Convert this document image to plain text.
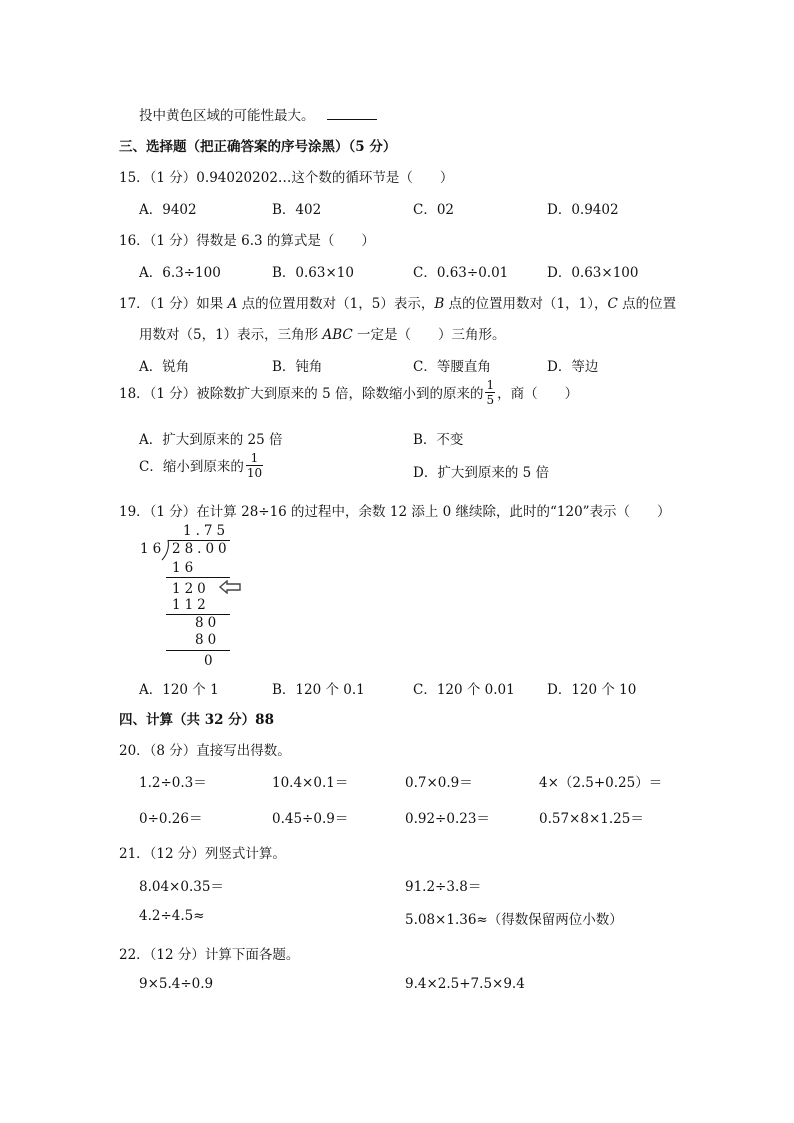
投中黄色区域的可能性最大。
三、选择题（把正确答案的序号涂黑）（5 分）
15．（1 分）0.94020202…这个数的循环节是（　　）
A．9402	B．402	C．02	D．0.9402
16．（1 分）得数是 6.3 的算式是（　　）
A．6.3÷100	B．0.63×10	C．0.63÷0.01	D．0.63×100
17．（1 分）如果 A 点的位置用数对（1，5）表示，B 点的位置用数对（1，1），C 点的位置
用数对（5，1）表示，三角形 ABC 一定是（　　）三角形。
A．锐角	B．钝角	C．等腰直角	D．等边
18．（1 分）被除数扩大到原来的 5 倍，除数缩小到的原来的 $\frac{1}{5}$ ，商（　　）
A．扩大到原来的 25 倍	B．不变
C．缩小到原来的 $\frac{1}{10}$	D．扩大到原来的 5 倍
19．（1 分）在计算 28÷16 的过程中，余数 12 添上 0 继续除，此时的“120”表示（　　）
1.75
16 28.00
16
120
112
80
80
0
A．120 个 1	B．120 个 0.1	C．120 个 0.01 D．120 个 10
四、计算（共 32 分）88
20．（8 分）直接写出得数。
1.2÷0.3＝	10.4×0.1＝	0.7×0.9＝	4×（2.5+0.25）＝
0÷0.26＝	0.45÷0.9＝	0.92÷0.23＝	0.57×8×1.25＝
21．（12 分）列竖式计算。
8.04×0.35＝	91.2÷3.8＝
4.2÷4.5≈	5.08×1.36≈（得数保留两位小数）
22．（12 分）计算下面各题。
9×5.4÷0.9	9.4×2.5+7.5×9.4
